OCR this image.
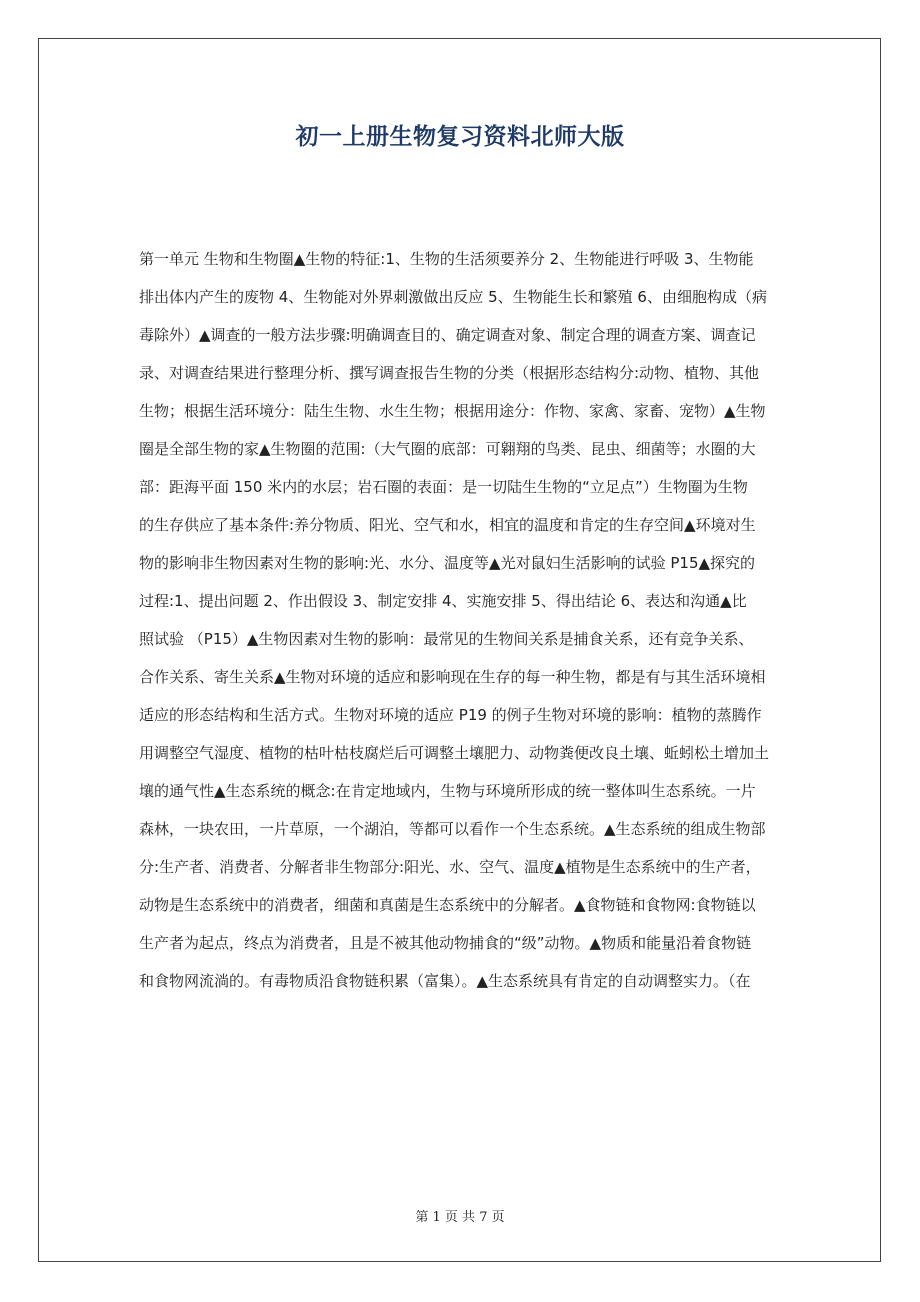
初一上册生物复习资料北师大版
第一单元 生物和生物圈▲生物的特征:1、生物的生活须要养分 2、生物能进行呼吸 3、生物能
排出体内产生的废物 4、生物能对外界刺激做出反应 5、生物能生长和繁殖 6、由细胞构成（病
毒除外）▲调查的一般方法步骤:明确调查目的、确定调查对象、制定合理的调查方案、调查记
录、对调查结果进行整理分析、撰写调查报告生物的分类（根据形态结构分:动物、植物、其他
生物；根据生活环境分：陆生生物、水生生物；根据用途分：作物、家禽、家畜、宠物）▲生物
圈是全部生物的家▲生物圈的范围:（大气圈的底部：可翱翔的鸟类、昆虫、细菌等；水圈的大
部：距海平面 150 米内的水层；岩石圈的表面：是一切陆生生物的“立足点”）生物圈为生物
的生存供应了基本条件:养分物质、阳光、空气和水，相宜的温度和肯定的生存空间▲环境对生
物的影响非生物因素对生物的影响:光、水分、温度等▲光对鼠妇生活影响的试验 P15▲探究的
过程:1、提出问题 2、作出假设 3、制定安排 4、实施安排 5、得出结论 6、表达和沟通▲比
照试验 （P15）▲生物因素对生物的影响：最常见的生物间关系是捕食关系，还有竞争关系、
合作关系、寄生关系▲生物对环境的适应和影响现在生存的每一种生物，都是有与其生活环境相
适应的形态结构和生活方式。生物对环境的适应 P19 的例子生物对环境的影响：植物的蒸腾作
用调整空气湿度、植物的枯叶枯枝腐烂后可调整土壤肥力、动物粪便改良土壤、蚯蚓松土增加土
壤的通气性▲生态系统的概念:在肯定地域内，生物与环境所形成的统一整体叫生态系统。一片
森林，一块农田，一片草原，一个湖泊，等都可以看作一个生态系统。▲生态系统的组成生物部
分:生产者、消费者、分解者非生物部分:阳光、水、空气、温度▲植物是生态系统中的生产者，
动物是生态系统中的消费者，细菌和真菌是生态系统中的分解者。▲食物链和食物网:食物链以
生产者为起点，终点为消费者，且是不被其他动物捕食的“级”动物。▲物质和能量沿着食物链
和食物网流淌的。有毒物质沿食物链积累（富集）。▲生态系统具有肯定的自动调整实力。（在
第 1 页 共 7 页
